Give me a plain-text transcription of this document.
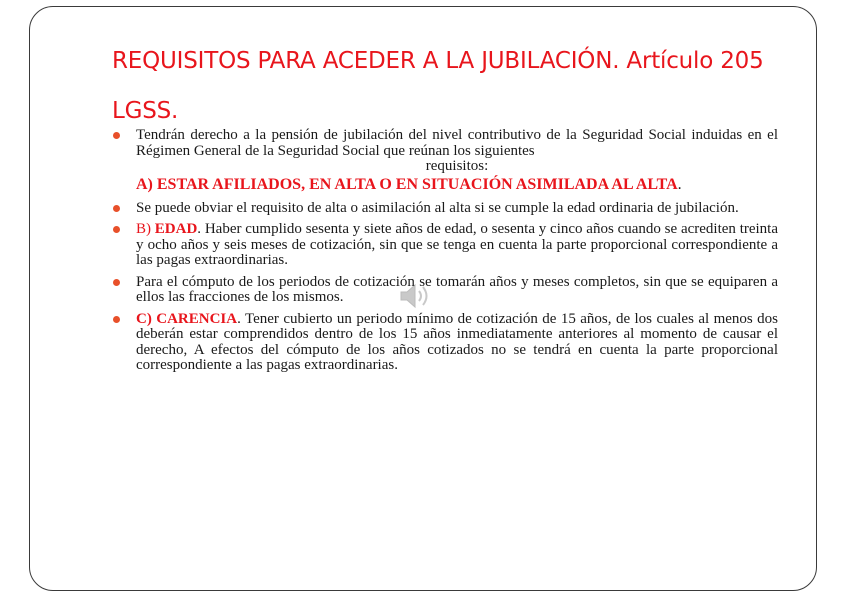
REQUISITOS PARA ACEDER A LA JUBILACIÓN. Artículo 205 LGSS.
Tendrán derecho a la pensión de jubilación del nivel contributivo de la Seguridad Social induidas en el Régimen General de la Seguridad Social que reúnan los siguientes
requisitos:
A) ESTAR AFILIADOS, EN ALTA O EN SITUACIÓN ASIMILADA AL ALTA.
Se puede obviar el requisito de alta o asimilación al alta si se cumple la edad ordinaria de jubilación.
B) EDAD. Haber cumplido sesenta y siete años de edad, o sesenta y cinco años cuando se acrediten treinta y ocho años y seis meses de cotización, sin que se tenga en cuenta la parte proporcional correspondiente a las pagas extraordinarias.
Para el cómputo de los periodos de cotización se tomarán años y meses completos, sin que se equiparen a ellos las fracciones de los mismos.
C) CARENCIA. Tener cubierto un periodo mínimo de cotización de 15 años, de los cuales al menos dos deberán estar comprendidos dentro de los 15 años inmediatamente anteriores al momento de causar el derecho, A efectos del cómputo de los años cotizados no se tendrá en cuenta la parte proporcional correspondiente a las pagas extraordinarias.
